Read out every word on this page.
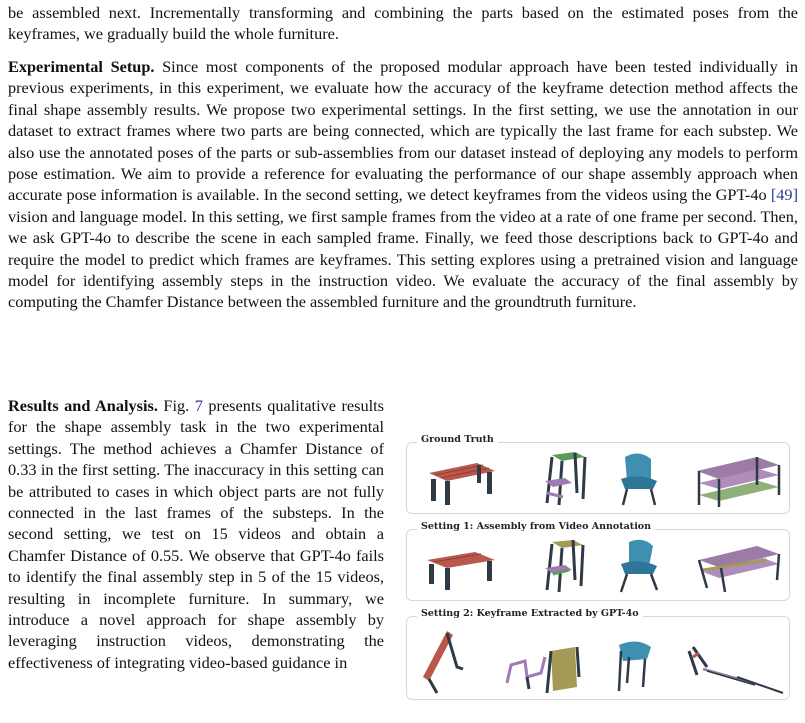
be assembled next. Incrementally transforming and combining the parts based on the estimated poses from the keyframes, we gradually build the whole furniture.

Experimental Setup. Since most components of the proposed modular approach have been tested individually in previous experiments, in this experiment, we evaluate how the accuracy of the keyframe detection method affects the final shape assembly results. We propose two experimental settings. In the first setting, we use the annotation in our dataset to extract frames where two parts are being connected, which are typically the last frame for each substep. We also use the annotated poses of the parts or sub-assemblies from our dataset instead of deploying any models to perform pose estimation. We aim to provide a reference for evaluating the performance of our shape assembly approach when accurate pose information is available. In the second setting, we detect keyframes from the videos using the GPT-4o [49] vision and language model. In this setting, we first sample frames from the video at a rate of one frame per second. Then, we ask GPT-4o to describe the scene in each sampled frame. Finally, we feed those descriptions back to GPT-4o and require the model to predict which frames are keyframes. This setting explores using a pretrained vision and language model for identifying assembly steps in the instruction video. We evaluate the accuracy of the final assembly by computing the Chamfer Distance between the assembled furniture and the groundtruth furniture.

Results and Analysis. Fig. 7 presents qualitative results for the shape assembly task in the two experimental settings. The method achieves a Chamfer Distance of 0.33 in the first setting. The inaccuracy in this setting can be attributed to cases in which object parts are not fully connected in the last frames of the substeps. In the second setting, we test on 15 videos and obtain a Chamfer Distance of 0.55. We observe that GPT-4o fails to identify the final assembly step in 5 of the 15 videos, resulting in incomplete furniture. In summary, we introduce a novel approach for shape assembly by leveraging instruction videos, demonstrating the effectiveness of integrating video-based guidance in

Ground Truth
Setting 1: Assembly from Video Annotation
Setting 2: Keyframe Extracted by GPT-4o
